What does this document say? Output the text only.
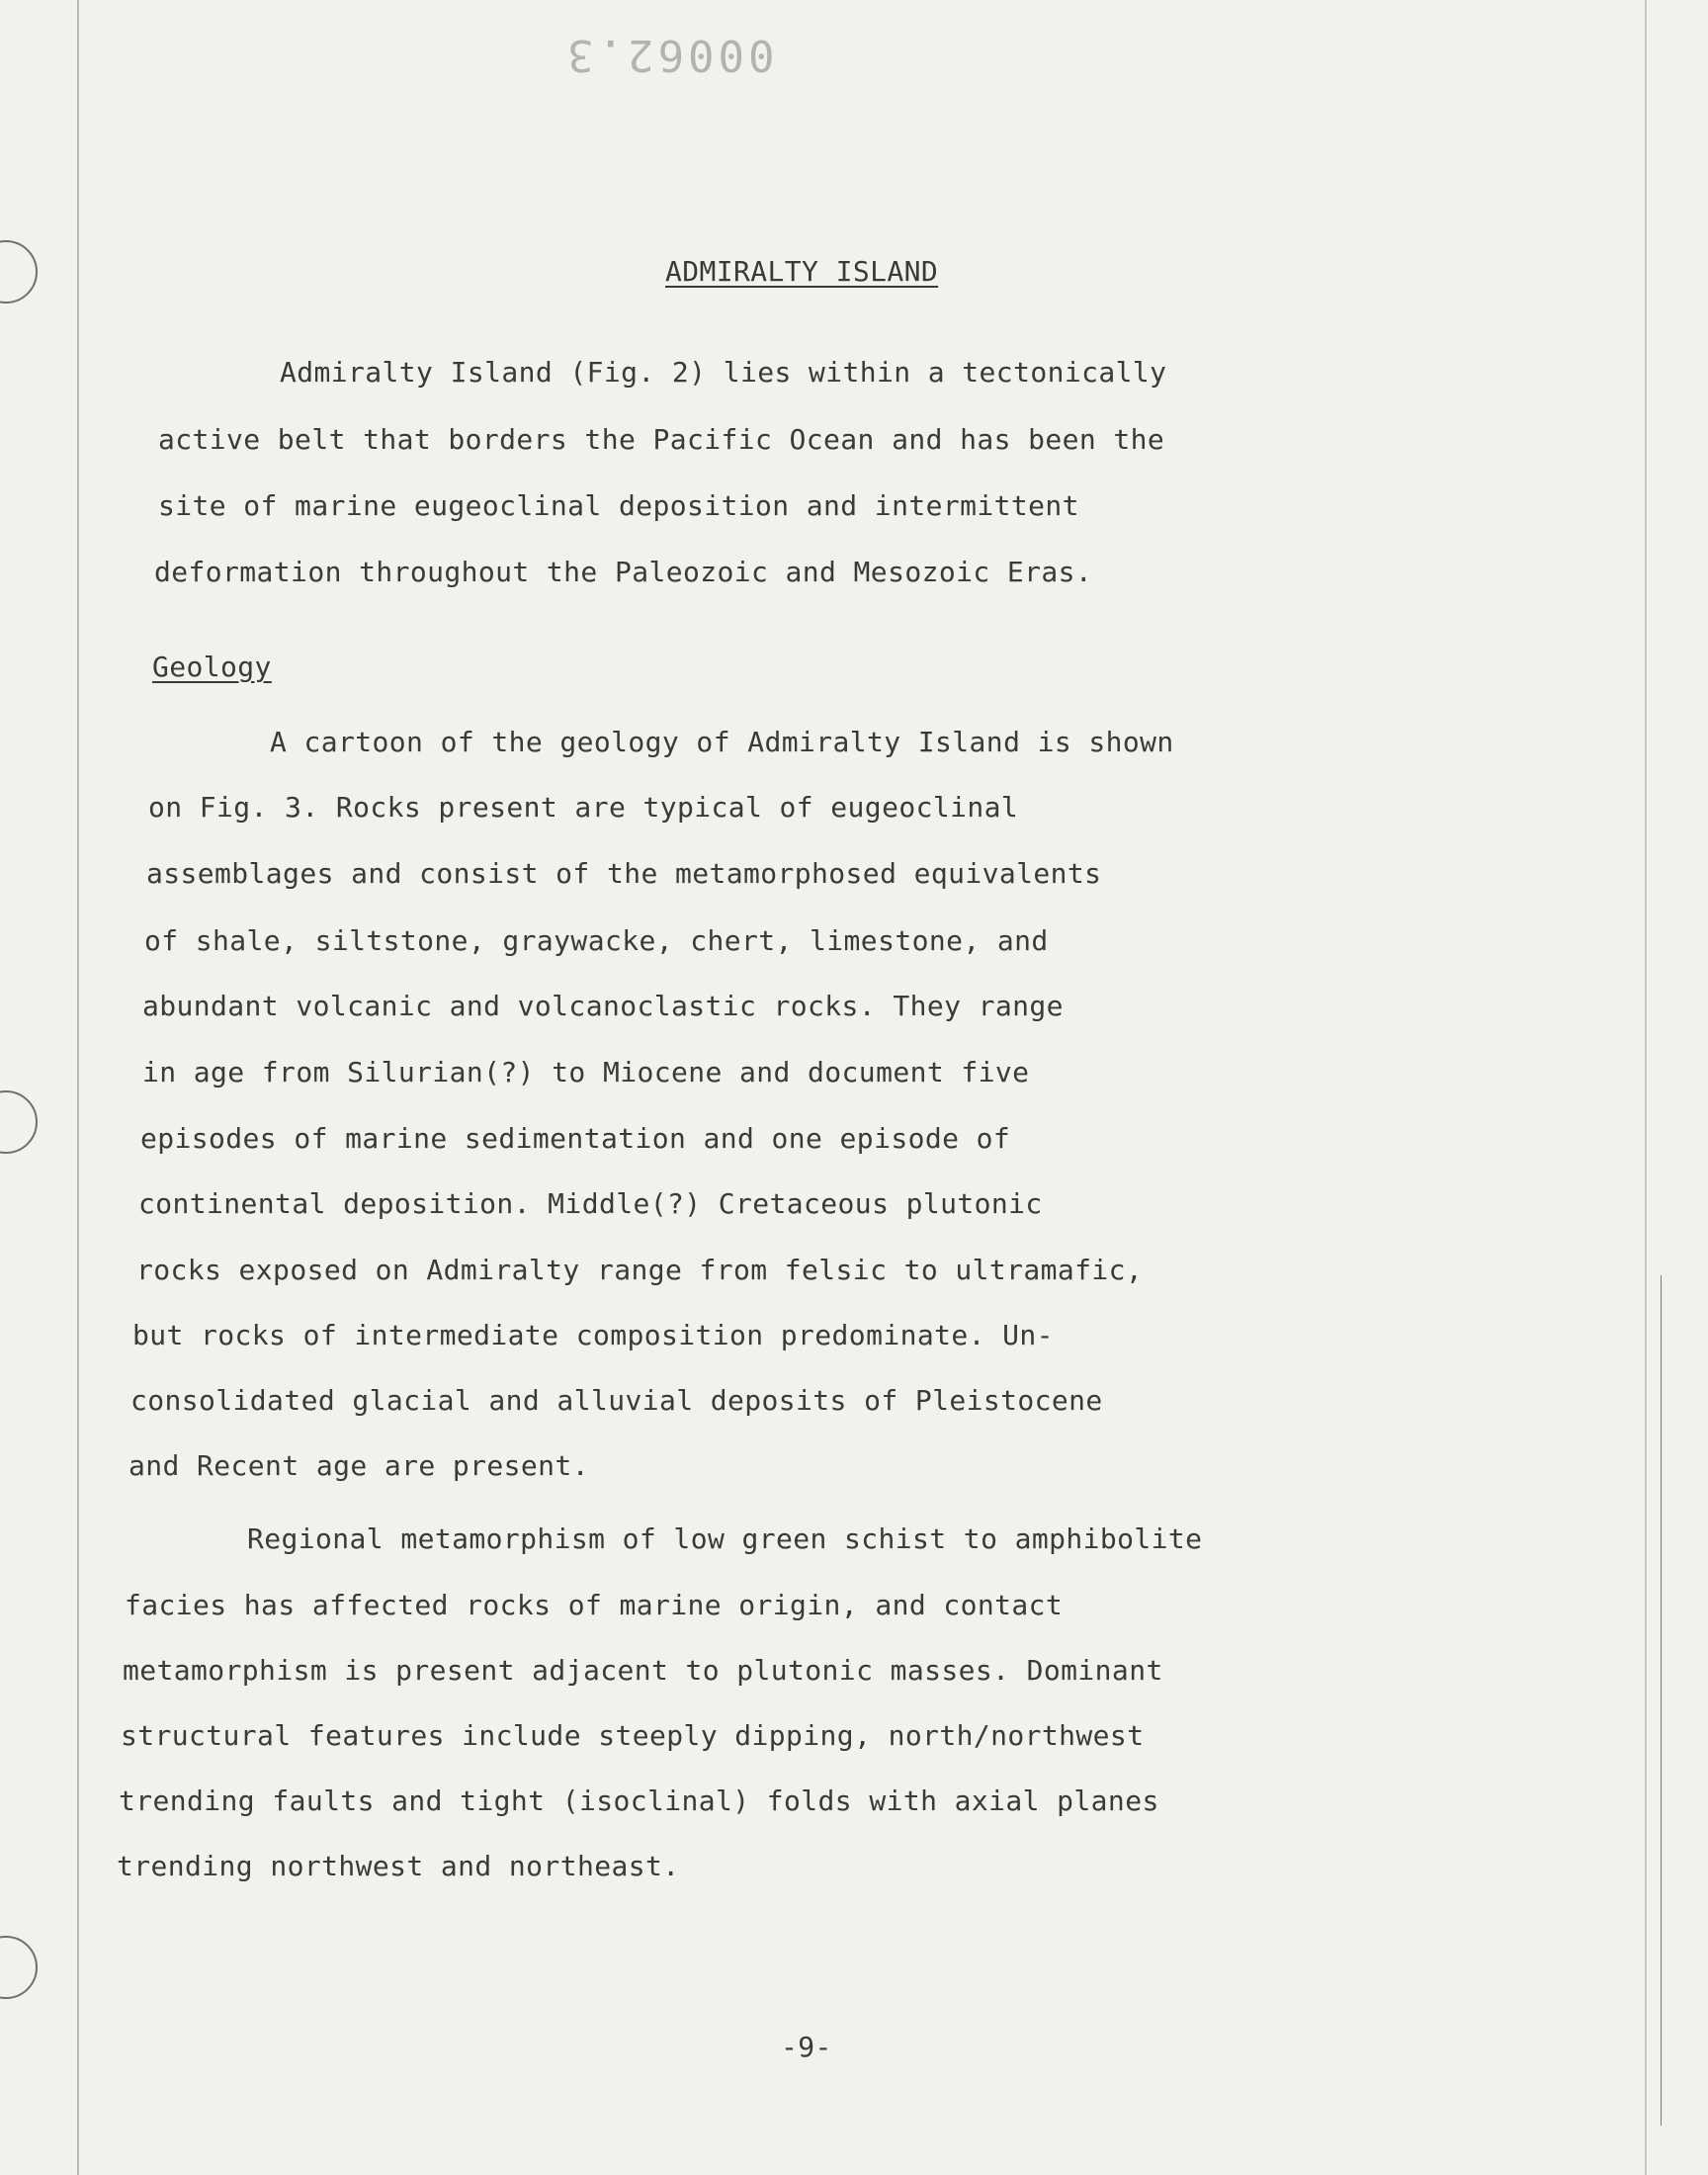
00062.3
ADMIRALTY ISLAND
Admiralty Island (Fig. 2) lies within a tectonically
active belt that borders the Pacific Ocean and has been the
site of marine eugeoclinal deposition and intermittent
deformation throughout the Paleozoic and Mesozoic Eras.
Geology
A cartoon of the geology of Admiralty Island is shown
on Fig. 3. Rocks present are typical of eugeoclinal
assemblages and consist of the metamorphosed equivalents
of shale, siltstone, graywacke, chert, limestone, and
abundant volcanic and volcanoclastic rocks. They range
in age from Silurian(?) to Miocene and document five
episodes of marine sedimentation and one episode of
continental deposition. Middle(?) Cretaceous plutonic
rocks exposed on Admiralty range from felsic to ultramafic,
but rocks of intermediate composition predominate. Un-
consolidated glacial and alluvial deposits of Pleistocene
and Recent age are present.
Regional metamorphism of low green schist to amphibolite
facies has affected rocks of marine origin, and contact
metamorphism is present adjacent to plutonic masses. Dominant
structural features include steeply dipping, north/northwest
trending faults and tight (isoclinal) folds with axial planes
trending northwest and northeast.
-9-
